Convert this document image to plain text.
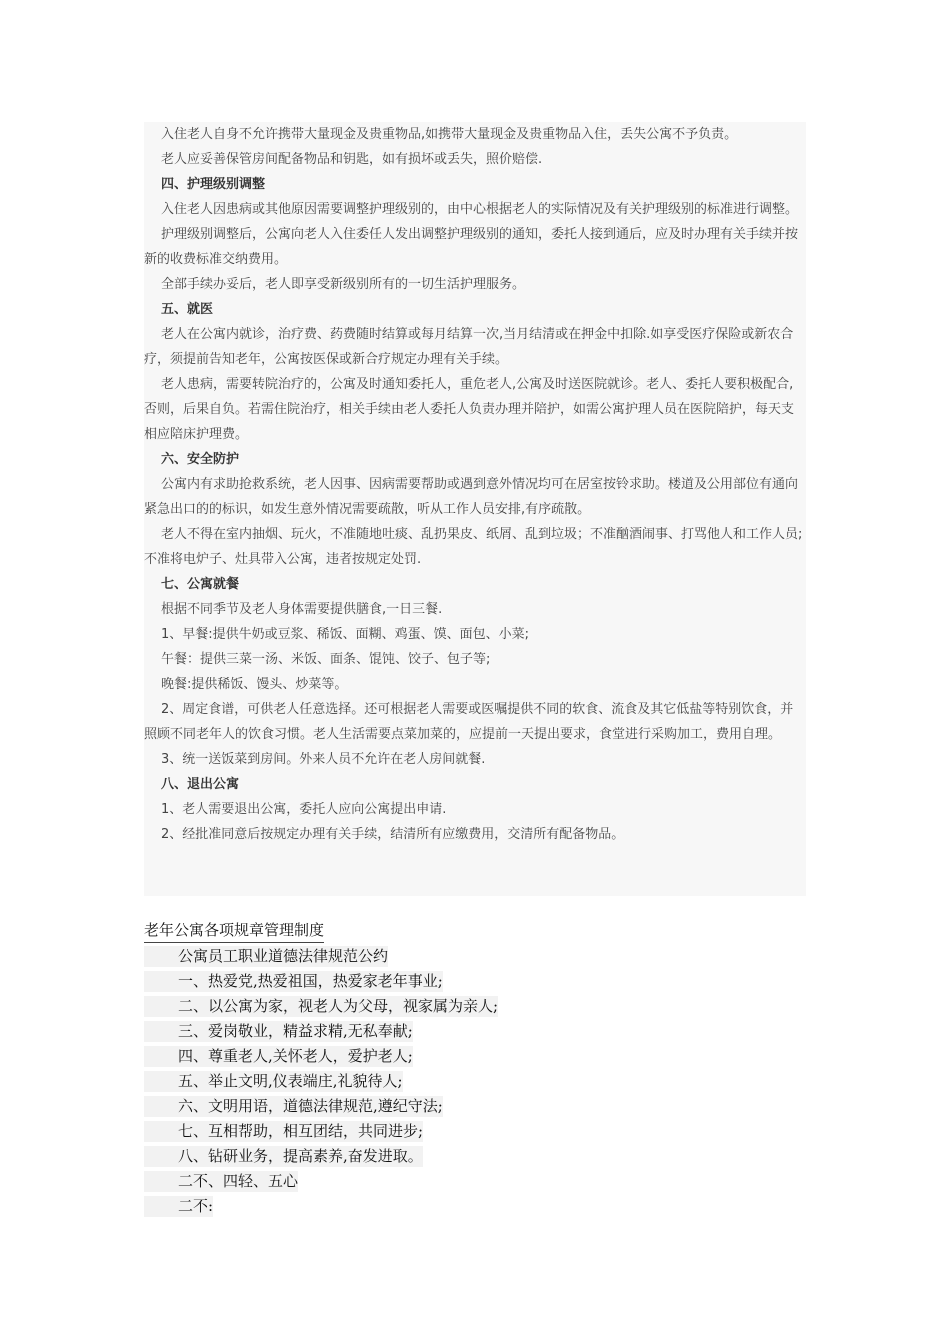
入住老人自身不允许携带大量现金及贵重物品,如携带大量现金及贵重物品入住，丢失公寓不予负责。

老人应妥善保管房间配备物品和钥匙，如有损坏或丢失，照价赔偿.

四、护理级别调整

入住老人因患病或其他原因需要调整护理级别的，由中心根据老人的实际情况及有关护理级别的标准进行调整。

护理级别调整后，公寓向老人入住委任人发出调整护理级别的通知，委托人接到通后，应及时办理有关手续并按新的收费标准交纳费用。

全部手续办妥后，老人即享受新级别所有的一切生活护理服务。

五、就医

老人在公寓内就诊，治疗费、药费随时结算或每月结算一次,当月结清或在押金中扣除.如享受医疗保险或新农合疗，须提前告知老年，公寓按医保或新合疗规定办理有关手续。

老人患病，需要转院治疗的，公寓及时通知委托人，重危老人,公寓及时送医院就诊。老人、委托人要积极配合,否则，后果自负。若需住院治疗，相关手续由老人委托人负责办理并陪护，如需公寓护理人员在医院陪护，每天支相应陪床护理费。

六、安全防护

公寓内有求助抢救系统，老人因事、因病需要帮助或遇到意外情况均可在居室按铃求助。楼道及公用部位有通向紧急出口的的标识，如发生意外情况需要疏散，听从工作人员安排,有序疏散。

老人不得在室内抽烟、玩火，不准随地吐痰、乱扔果皮、纸屑、乱到垃圾；不准酗酒闹事、打骂他人和工作人员;不准将电炉子、灶具带入公寓，违者按规定处罚.

七、公寓就餐

根据不同季节及老人身体需要提供膳食,一日三餐.

1、早餐:提供牛奶或豆浆、稀饭、面糊、鸡蛋、馍、面包、小菜;

午餐：提供三菜一汤、米饭、面条、馄饨、饺子、包子等;

晚餐:提供稀饭、馒头、炒菜等。

2、周定食谱，可供老人任意选择。还可根据老人需要或医嘱提供不同的软食、流食及其它低盐等特别饮食，并照顾不同老年人的饮食习惯。老人生活需要点菜加菜的，应提前一天提出要求，食堂进行采购加工，费用自理。

3、统一送饭菜到房间。外来人员不允许在老人房间就餐.

八、退出公寓

1、老人需要退出公寓，委托人应向公寓提出申请.

2、经批准同意后按规定办理有关手续，结清所有应缴费用，交清所有配备物品。

老年公寓各项规章管理制度
公寓员工职业道德法律规范公约
一、热爱党,热爱祖国，热爱家老年事业;
二、以公寓为家，视老人为父母，视家属为亲人;
三、爱岗敬业，精益求精,无私奉献;
四、尊重老人,关怀老人，爱护老人;
五、举止文明,仪表端庄,礼貌待人;
六、文明用语，道德法律规范,遵纪守法;
七、互相帮助，相互团结，共同进步;
八、钻研业务，提高素养,奋发进取。
二不、四轻、五心
二不:
